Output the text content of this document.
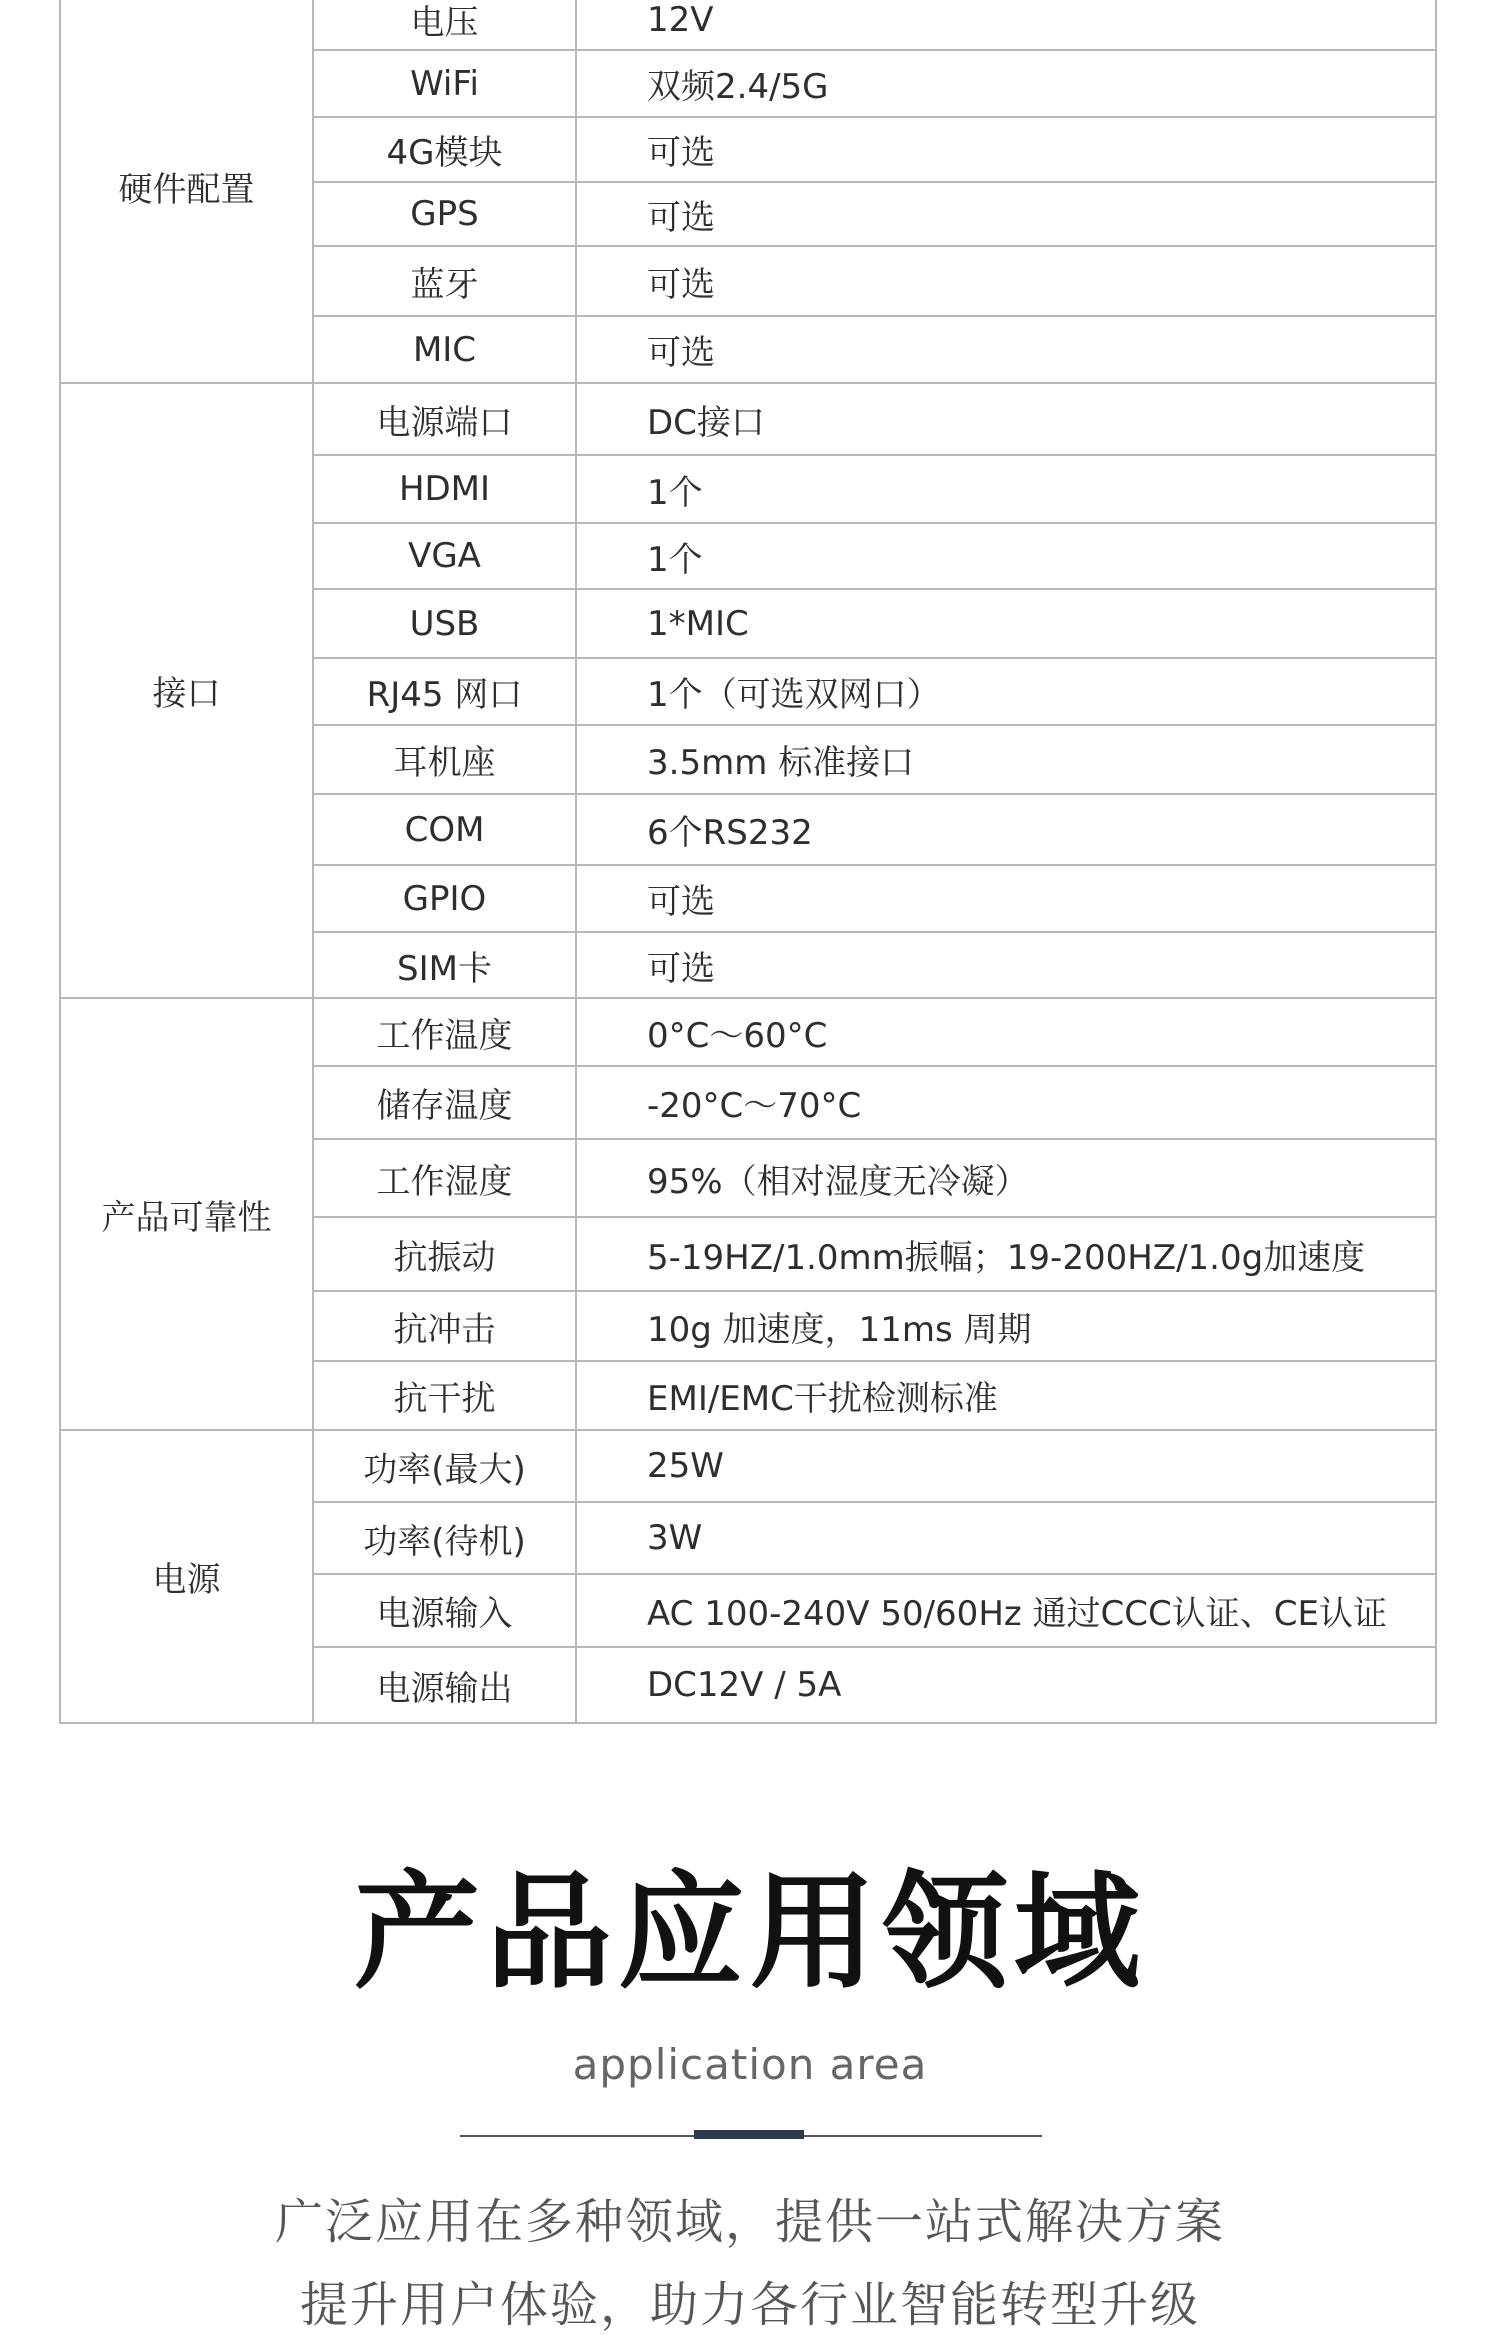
硬件配置	电压	12V
	WiFi	双频2.4/5G
	4G模块	可选
	GPS	可选
	蓝牙	可选
	MIC	可选
接口	电源端口	DC接口
	HDMI	1个
	VGA	1个
	USB	1*MIC
	RJ45 网口	1个（可选双网口）
	耳机座	3.5mm 标准接口
	COM	6个RS232
	GPIO	可选
	SIM卡	可选
产品可靠性	工作温度	0°C～60°C
	储存温度	-20°C～70°C
	工作湿度	95%（相对湿度无冷凝）
	抗振动	5-19HZ/1.0mm振幅；19-200HZ/1.0g加速度
	抗冲击	10g 加速度，11ms 周期
	抗干扰	EMI/EMC干扰检测标准
电源	功率(最大)	25W
	功率(待机)	3W
	电源输入	AC 100-240V 50/60Hz 通过CCC认证、CE认证
	电源输出	DC12V / 5A
产品应用领域
application area
广泛应用在多种领域，提供一站式解决方案
提升用户体验，助力各行业智能转型升级
